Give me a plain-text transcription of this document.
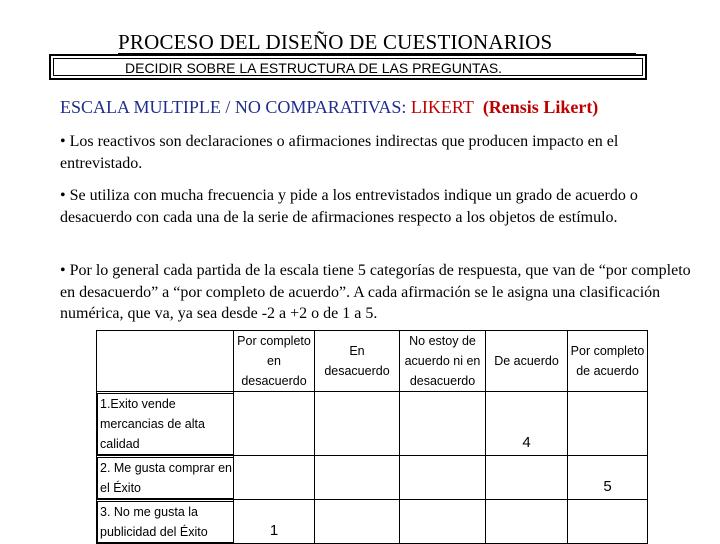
PROCESO DEL DISEÑO DE CUESTIONARIOS
DECIDIR SOBRE LA ESTRUCTURA DE LAS PREGUNTAS.
ESCALA MULTIPLE / NO COMPARATIVAS: LIKERT (Rensis Likert)
• Los reactivos son declaraciones o afirmaciones indirectas que producen impacto en el entrevistado.
• Se utiliza con mucha frecuencia y pide a los entrevistados indique un grado de acuerdo o desacuerdo con cada una de la serie de afirmaciones respecto a los objetos de estímulo.
• Por lo general cada partida de la escala tiene 5 categorías de respuesta, que van de “por completo en desacuerdo” a “por completo de acuerdo”. A cada afirmación se le asigna una clasificación numérica, que va, ya sea desde -2 a +2 o de 1 a 5.
	Por completo en desacuerdo	En desacuerdo	No estoy de acuerdo ni en desacuerdo	De acuerdo	Por completo de acuerdo

1.Exito vende mercancias de alta calidad				4	

2. Me gusta comprar en el Éxito					5

3. No me gusta la publicidad del Éxito	1				
